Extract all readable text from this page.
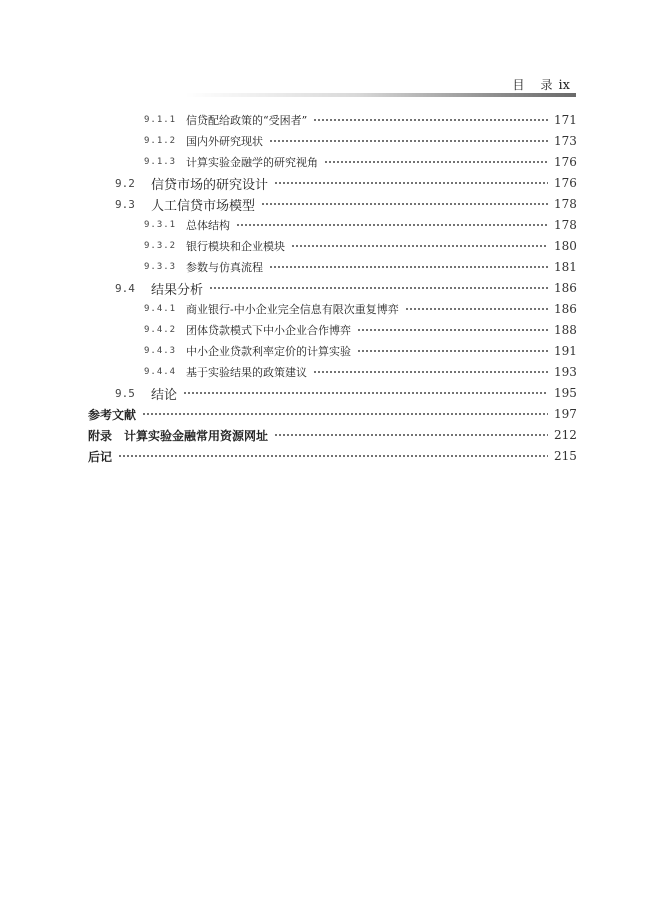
目 录 ix
9.1.1 信贷配给政策的“受困者”	171
9.1.2 国内外研究现状	173
9.1.3 计算实验金融学的研究视角	176
9.2	信贷市场的研究设计	176
9.3	人工信贷市场模型	178
9.3.1 总体结构	178
9.3.2 银行模块和企业模块	180
9.3.3 参数与仿真流程	181
9.4	结果分析	186
9.4.1 商业银行-中小企业完全信息有限次重复博弈	186
9.4.2 团体贷款模式下中小企业合作博弈	188
9.4.3 中小企业贷款利率定价的计算实验	191
9.4.4 基于实验结果的政策建议	193
9.5	结论	195
参考文献	197
附录　计算实验金融常用资源网址	212
后记	215
